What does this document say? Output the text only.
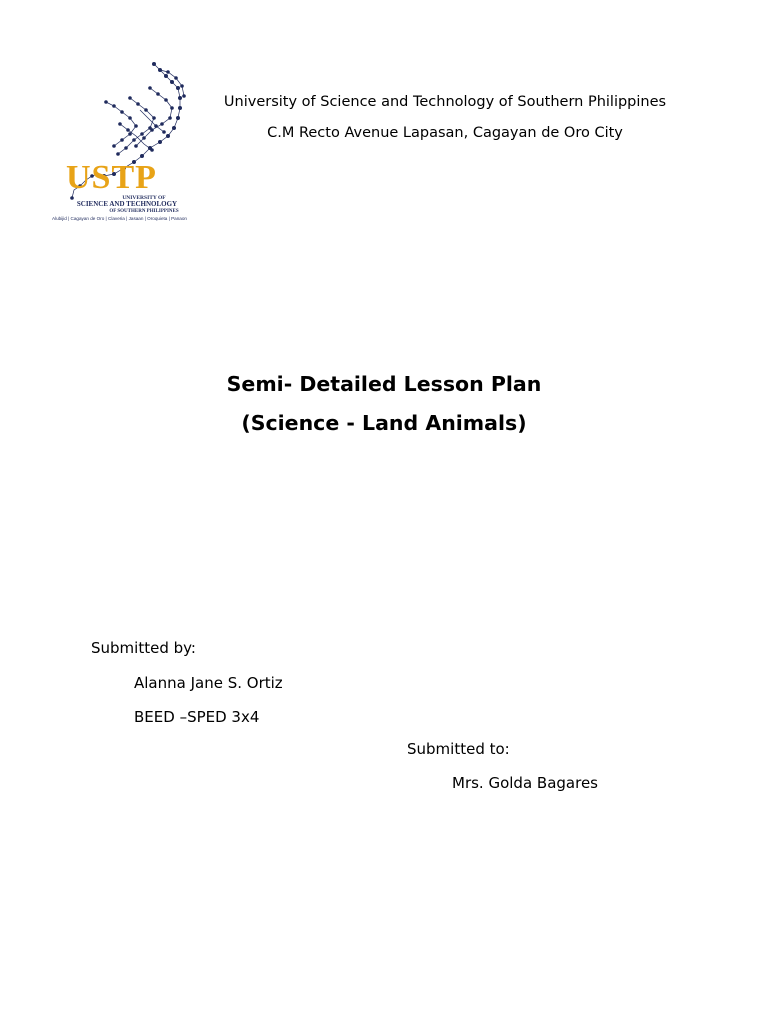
USTP
UNIVERSITY OF
SCIENCE AND TECHNOLOGY
OF SOUTHERN PHILIPPINES
Alubijid | Cagayan de Oro | Claveria | Jasaan | Oroquieta | Panaon
University of Science and Technology of Southern Philippines
C.M Recto Avenue Lapasan, Cagayan de Oro City
Semi- Detailed Lesson Plan
(Science - Land Animals)
Submitted by:
Alanna Jane S. Ortiz
BEED –SPED 3x4
Submitted to:
Mrs. Golda Bagares
